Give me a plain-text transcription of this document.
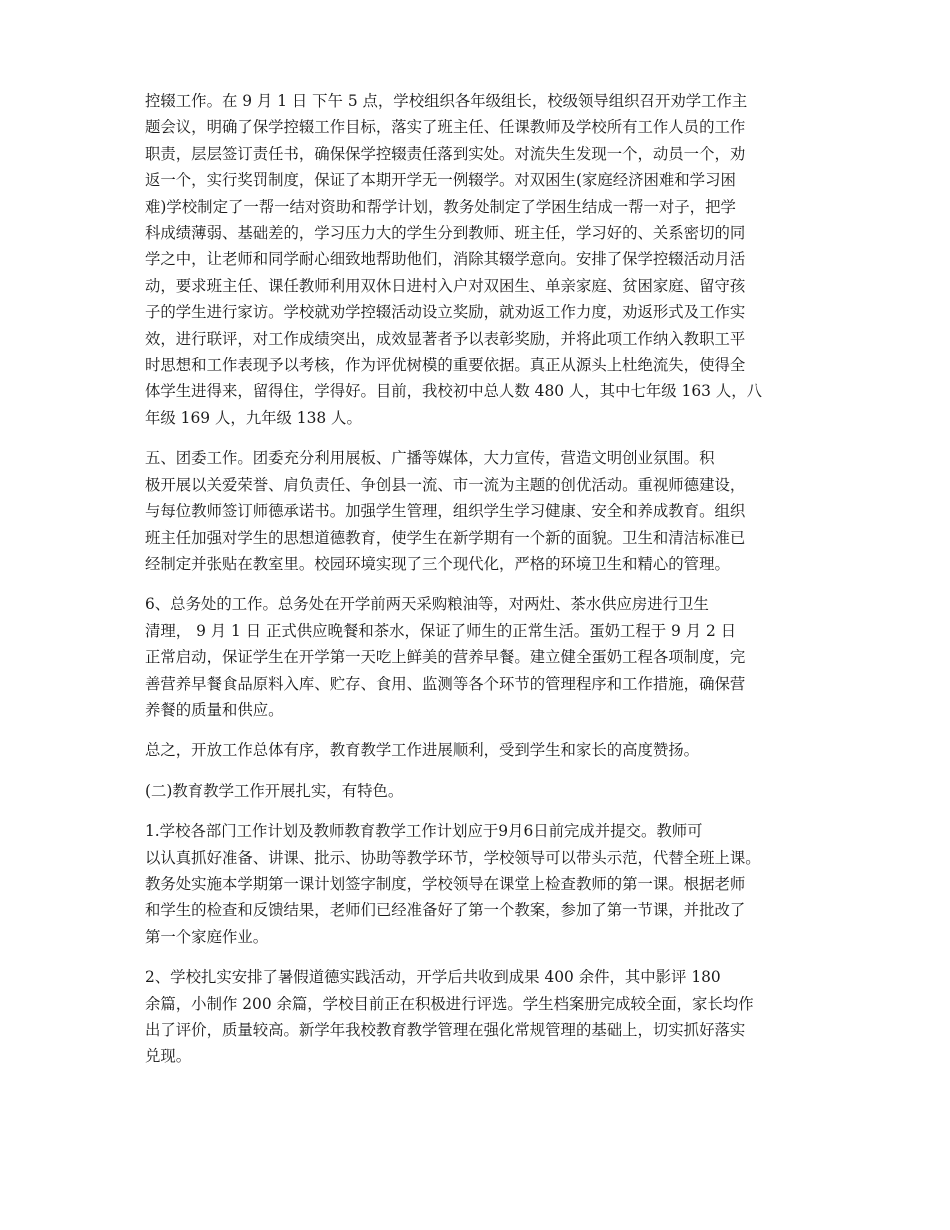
控辍工作。在 9 月 1 日 下午 5 点，学校组织各年级组长，校级领导组织召开劝学工作主
题会议，明确了保学控辍工作目标，落实了班主任、任课教师及学校所有工作人员的工作
职责，层层签订责任书，确保保学控辍责任落到实处。对流失生发现一个，动员一个，劝
返一个，实行奖罚制度，保证了本期开学无一例辍学。对双困生(家庭经济困难和学习困
难)学校制定了一帮一结对资助和帮学计划，教务处制定了学困生结成一帮一对子，把学
科成绩薄弱、基础差的，学习压力大的学生分到教师、班主任，学习好的、关系密切的同
学之中，让老师和同学耐心细致地帮助他们，消除其辍学意向。安排了保学控辍活动月活
动，要求班主任、课任教师利用双休日进村入户对双困生、单亲家庭、贫困家庭、留守孩
子的学生进行家访。学校就劝学控辍活动设立奖励，就劝返工作力度，劝返形式及工作实
效，进行联评，对工作成绩突出，成效显著者予以表彰奖励，并将此项工作纳入教职工平
时思想和工作表现予以考核，作为评优树模的重要依据。真正从源头上杜绝流失，使得全
体学生进得来，留得住，学得好。目前，我校初中总人数 480 人，其中七年级 163 人，八
年级 169 人，九年级 138 人。

五、团委工作。团委充分利用展板、广播等媒体，大力宣传，营造文明创业氛围。积
极开展以关爱荣誉、肩负责任、争创县一流、市一流为主题的创优活动。重视师德建设，
与每位教师签订师德承诺书。加强学生管理，组织学生学习健康、安全和养成教育。组织
班主任加强对学生的思想道德教育，使学生在新学期有一个新的面貌。卫生和清洁标准已
经制定并张贴在教室里。校园环境实现了三个现代化，严格的环境卫生和精心的管理。

6、总务处的工作。总务处在开学前两天采购粮油等，对两灶、茶水供应房进行卫生
清理， 9 月 1 日 正式供应晚餐和茶水，保证了师生的正常生活。蛋奶工程于 9 月 2 日
正常启动，保证学生在开学第一天吃上鲜美的营养早餐。建立健全蛋奶工程各项制度，完
善营养早餐食品原料入库、贮存、食用、监测等各个环节的管理程序和工作措施，确保营
养餐的质量和供应。

总之，开放工作总体有序，教育教学工作进展顺利，受到学生和家长的高度赞扬。

(二)教育教学工作开展扎实，有特色。

1.学校各部门工作计划及教师教育教学工作计划应于9月6日前完成并提交。教师可
以认真抓好准备、讲课、批示、协助等教学环节，学校领导可以带头示范，代替全班上课。
教务处实施本学期第一课计划签字制度，学校领导在课堂上检查教师的第一课。根据老师
和学生的检查和反馈结果，老师们已经准备好了第一个教案，参加了第一节课，并批改了
第一个家庭作业。

2、学校扎实安排了暑假道德实践活动，开学后共收到成果 400 余件，其中影评 180
余篇，小制作 200 余篇，学校目前正在积极进行评选。学生档案册完成较全面，家长均作
出了评价，质量较高。新学年我校教育教学管理在强化常规管理的基础上，切实抓好落实
兑现。
